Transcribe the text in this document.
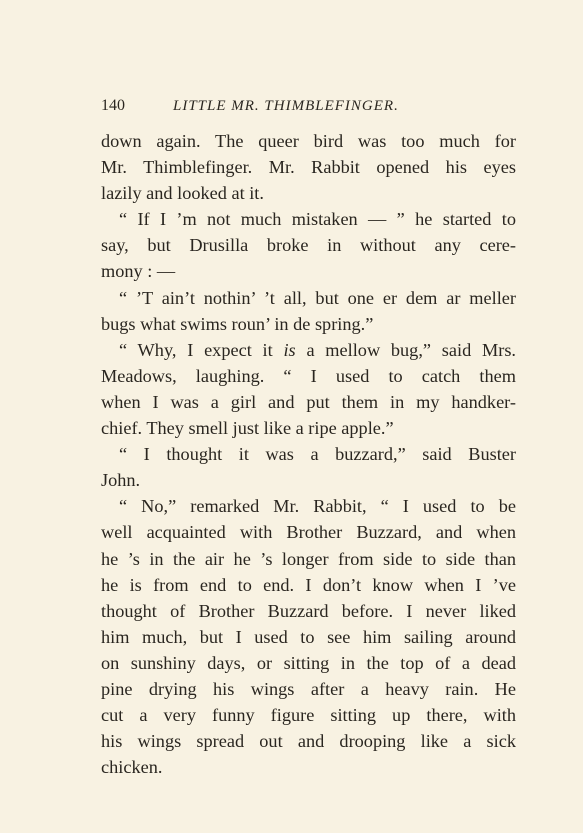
140	LITTLE MR. THIMBLEFINGER.
down again. The queer bird was too much for
Mr. Thimblefinger. Mr. Rabbit opened his eyes
lazily and looked at it.
“ If I ’m not much mistaken — ” he started to
say, but Drusilla broke in without any cere-
mony : —
“ ’T ain’t nothin’ ’t all, but one er dem ar meller
bugs what swims roun’ in de spring.”
“ Why, I expect it is a mellow bug,” said Mrs.
Meadows, laughing. “ I used to catch them
when I was a girl and put them in my handker-
chief. They smell just like a ripe apple.”
“ I thought it was a buzzard,” said Buster
John.
“ No,” remarked Mr. Rabbit, “ I used to be
well acquainted with Brother Buzzard, and when
he ’s in the air he ’s longer from side to side than
he is from end to end. I don’t know when I ’ve
thought of Brother Buzzard before. I never liked
him much, but I used to see him sailing around
on sunshiny days, or sitting in the top of a dead
pine drying his wings after a heavy rain. He
cut a very funny figure sitting up there, with
his wings spread out and drooping like a sick
chicken.
